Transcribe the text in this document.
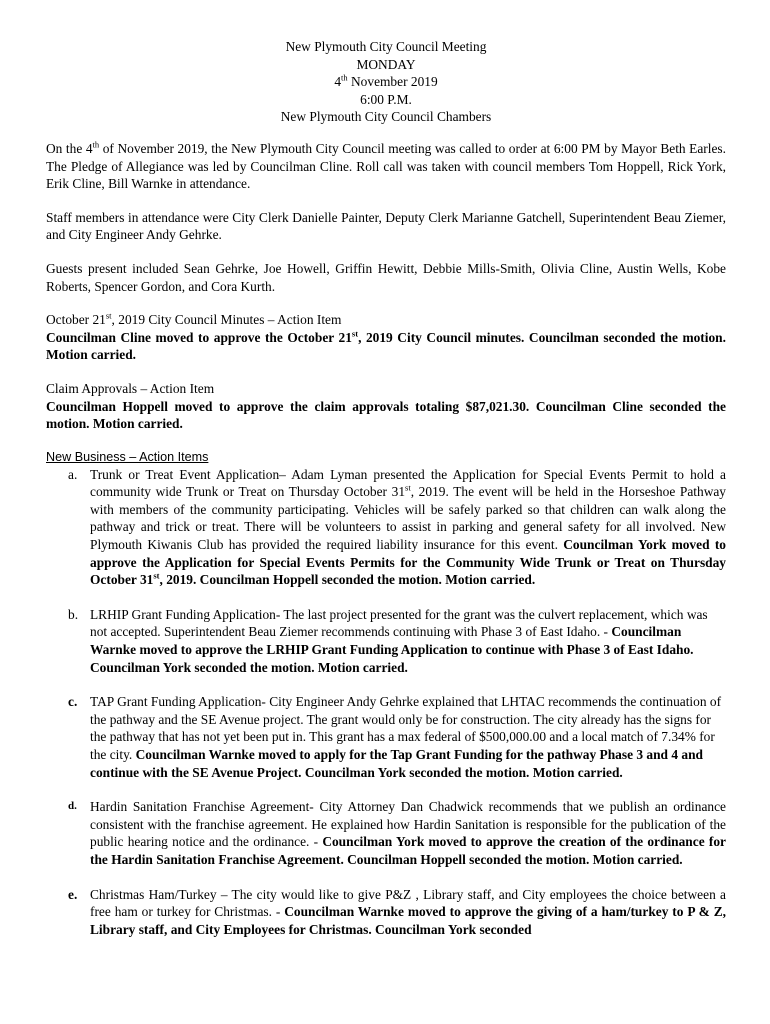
New Plymouth City Council Meeting
MONDAY
4th November 2019
6:00 P.M.
New Plymouth City Council Chambers

On the 4th of November 2019, the New Plymouth City Council meeting was called to order at 6:00 PM by Mayor Beth Earles. The Pledge of Allegiance was led by Councilman Cline. Roll call was taken with council members Tom Hoppell, Rick York, Erik Cline, Bill Warnke in attendance.

Staff members in attendance were City Clerk Danielle Painter, Deputy Clerk Marianne Gatchell, Superintendent Beau Ziemer, and City Engineer Andy Gehrke.

Guests present included Sean Gehrke, Joe Howell, Griffin Hewitt, Debbie Mills-Smith, Olivia Cline, Austin Wells, Kobe Roberts, Spencer Gordon, and Cora Kurth.

October 21st, 2019 City Council Minutes – Action Item
Councilman Cline moved to approve the October 21st, 2019 City Council minutes. Councilman seconded the motion. Motion carried.
Claim Approvals – Action Item
Councilman Hoppell moved to approve the claim approvals totaling $87,021.30. Councilman Cline seconded the motion. Motion carried.
New Business – Action Items
a. Trunk or Treat Event Application– Adam Lyman presented the Application for Special Events Permit to hold a community wide Trunk or Treat on Thursday October 31st, 2019. The event will be held in the Horseshoe Pathway with members of the community participating. Vehicles will be safely parked so that children can walk along the pathway and trick or treat. There will be volunteers to assist in parking and general safety for all involved. New Plymouth Kiwanis Club has provided the required liability insurance for this event. Councilman York moved to approve the Application for Special Events Permits for the Community Wide Trunk or Treat on Thursday October 31st, 2019. Councilman Hoppell seconded the motion. Motion carried.
b. LRHIP Grant Funding Application- The last project presented for the grant was the culvert replacement, which was not accepted. Superintendent Beau Ziemer recommends continuing with Phase 3 of East Idaho. - Councilman Warnke moved to approve the LRHIP Grant Funding Application to continue with Phase 3 of East Idaho. Councilman York seconded the motion. Motion carried.
c. TAP Grant Funding Application- City Engineer Andy Gehrke explained that LHTAC recommends the continuation of the pathway and the SE Avenue project. The grant would only be for construction. The city already has the signs for the pathway that has not yet been put in. This grant has a max federal of $500,000.00 and a local match of 7.34% for the city. Councilman Warnke moved to apply for the Tap Grant Funding for the pathway Phase 3 and 4 and continue with the SE Avenue Project. Councilman York seconded the motion. Motion carried.
d. Hardin Sanitation Franchise Agreement- City Attorney Dan Chadwick recommends that we publish an ordinance consistent with the franchise agreement. He explained how Hardin Sanitation is responsible for the publication of the public hearing notice and the ordinance. - Councilman York moved to approve the creation of the ordinance for the Hardin Sanitation Franchise Agreement. Councilman Hoppell seconded the motion. Motion carried.
e. Christmas Ham/Turkey – The city would like to give P&Z , Library staff, and City employees the choice between a free ham or turkey for Christmas. - Councilman Warnke moved to approve the giving of a ham/turkey to P & Z, Library staff, and City Employees for Christmas. Councilman York seconded
